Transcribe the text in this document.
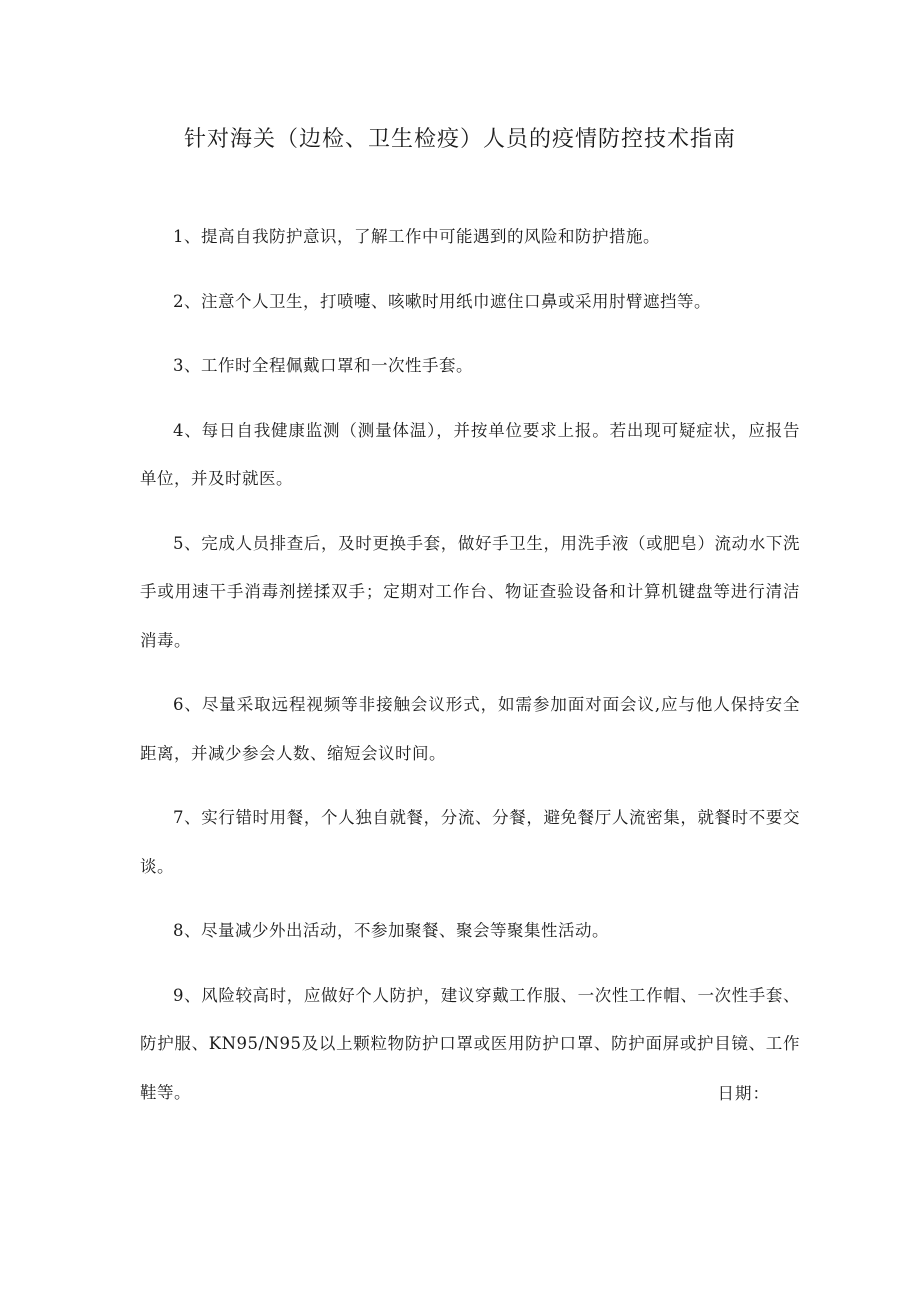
针对海关（边检、卫生检疫）人员的疫情防控技术指南

1、提高自我防护意识，了解工作中可能遇到的风险和防护措施。

2、注意个人卫生，打喷嚏、咳嗽时用纸巾遮住口鼻或采用肘臂遮挡等。

3、工作时全程佩戴口罩和一次性手套。

4、每日自我健康监测（测量体温），并按单位要求上报。若出现可疑症状，应报告单位，并及时就医。

5、完成人员排查后，及时更换手套，做好手卫生，用洗手液（或肥皂）流动水下洗手或用速干手消毒剂搓揉双手；定期对工作台、物证查验设备和计算机键盘等进行清洁消毒。

6、尽量采取远程视频等非接触会议形式，如需参加面对面会议,应与他人保持安全距离，并减少参会人数、缩短会议时间。

7、实行错时用餐，个人独自就餐，分流、分餐，避免餐厅人流密集，就餐时不要交谈。

8、尽量减少外出活动，不参加聚餐、聚会等聚集性活动。

9、风险较高时，应做好个人防护，建议穿戴工作服、一次性工作帽、一次性手套、防护服、KN95/N95及以上颗粒物防护口罩或医用防护口罩、防护面屏或护目镜、工作鞋等。	日期：
